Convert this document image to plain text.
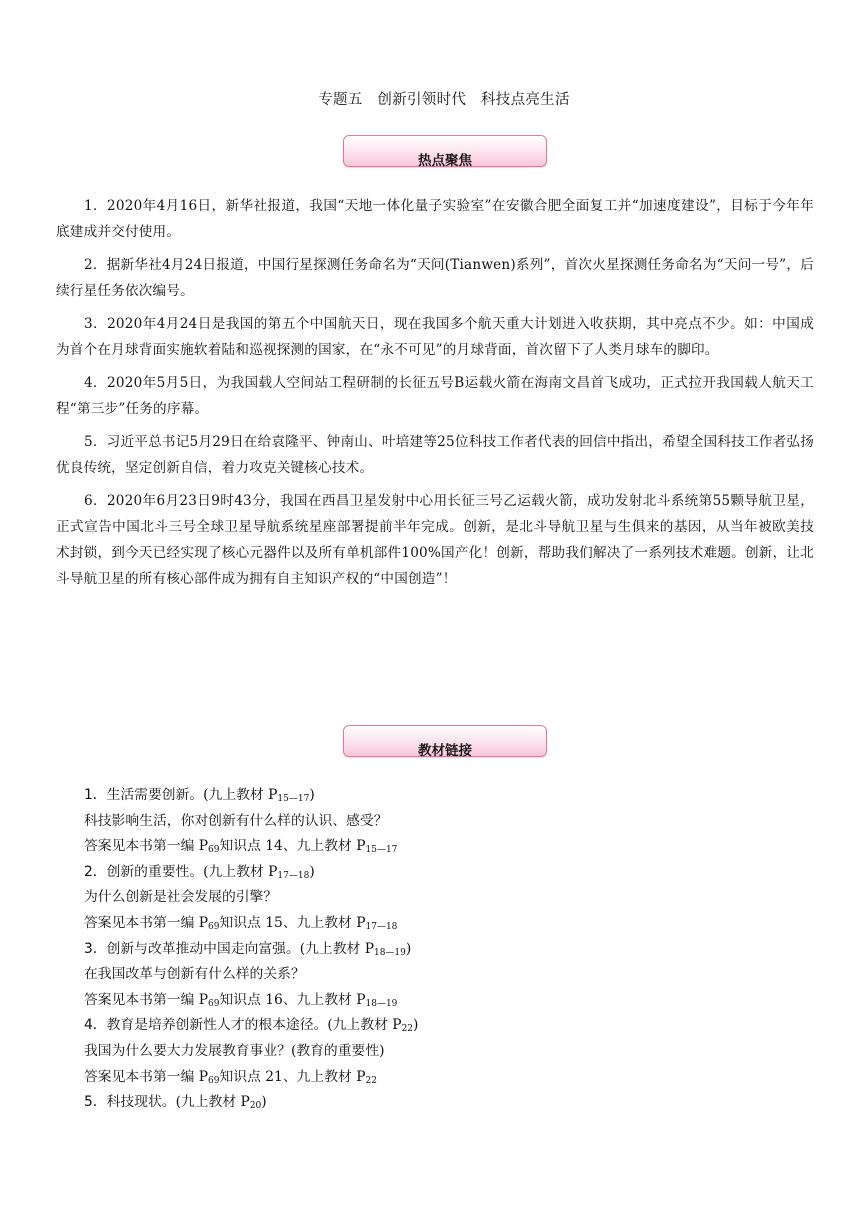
专题五　创新引领时代　科技点亮生活
热点聚焦

1．2020年4月16日，新华社报道，我国“天地一体化量子实验室”在安徽合肥全面复工并“加速度建设”，目标于今年年底建成并交付使用。

2．据新华社4月24日报道，中国行星探测任务命名为“天问(Tianwen)系列”，首次火星探测任务命名为“天问一号”，后续行星任务依次编号。

3．2020年4月24日是我国的第五个中国航天日，现在我国多个航天重大计划进入收获期，其中亮点不少。如：中国成为首个在月球背面实施软着陆和巡视探测的国家，在“永不可见”的月球背面，首次留下了人类月球车的脚印。

4．2020年5月5日，为我国载人空间站工程研制的长征五号B运载火箭在海南文昌首飞成功，正式拉开我国载人航天工程“第三步”任务的序幕。

5．习近平总书记5月29日在给袁隆平、钟南山、叶培建等25位科技工作者代表的回信中指出，希望全国科技工作者弘扬优良传统，坚定创新自信，着力攻克关键核心技术。

6．2020年6月23日9时43分，我国在西昌卫星发射中心用长征三号乙运载火箭，成功发射北斗系统第55颗导航卫星，正式宣告中国北斗三号全球卫星导航系统星座部署提前半年完成。创新，是北斗导航卫星与生俱来的基因，从当年被欧美技术封锁，到今天已经实现了核心元器件以及所有单机部件100%国产化！创新，帮助我们解决了一系列技术难题。创新，让北斗导航卫星的所有核心部件成为拥有自主知识产权的“中国创造”！

教材链接
1．生活需要创新。(九上教材 $P_{15—17}$)
科技影响生活，你对创新有什么样的认识、感受？
答案见本书第一编 $P_{69}$知识点 14、九上教材 $P_{15—17}$
2．创新的重要性。(九上教材 $P_{17—18}$)
为什么创新是社会发展的引擎？
答案见本书第一编 $P_{69}$知识点 15、九上教材 $P_{17—18}$
3．创新与改革推动中国走向富强。(九上教材 $P_{18—19}$)
在我国改革与创新有什么样的关系？
答案见本书第一编 $P_{69}$知识点 16、九上教材 $P_{18—19}$
4．教育是培养创新性人才的根本途径。(九上教材 $P_{22}$)
我国为什么要大力发展教育事业？(教育的重要性)
答案见本书第一编 $P_{69}$知识点 21、九上教材 $P_{22}$
5．科技现状。(九上教材 $P_{20}$)
